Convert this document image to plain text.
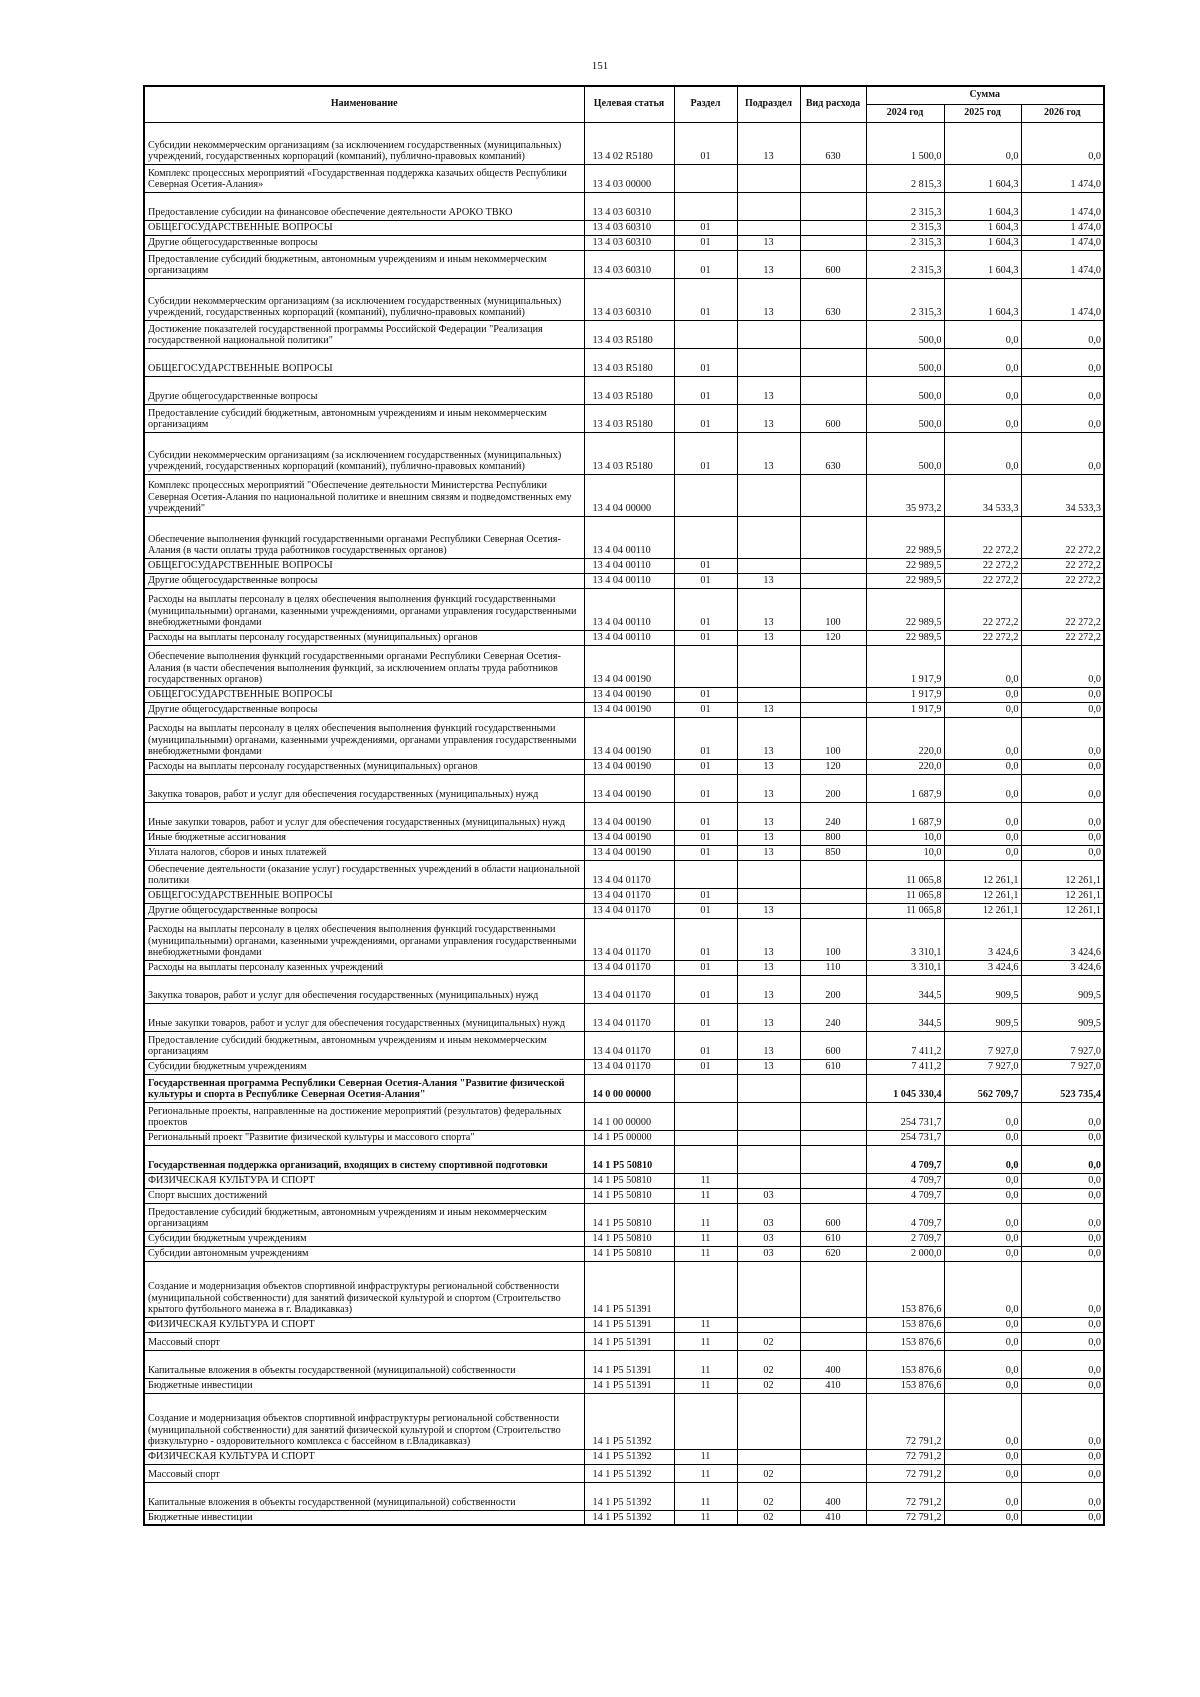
151
Наименование	Целевая статья	Раздел	Подраздел	Вид расхода	Сумма		
					2024 год	2025 год	2026 год
Субсидии некоммерческим организациям (за исключением государственных (муниципальных) учреждений, государственных корпораций (компаний), публично-правовых компаний)	13 4 02 R5180	01	13	630	1 500,0	0,0	0,0
Комплекс процессных мероприятий «Государственная поддержка казачьих обществ Республики Северная Осетия-Алания»	13 4 03 00000				2 815,3	1 604,3	1 474,0
Предоставление субсидии на финансовое обеспечение деятельности АРОКО ТВКО	13 4 03 60310				2 315,3	1 604,3	1 474,0
ОБЩЕГОСУДАРСТВЕННЫЕ ВОПРОСЫ	13 4 03 60310	01			2 315,3	1 604,3	1 474,0
Другие общегосударственные вопросы	13 4 03 60310	01	13		2 315,3	1 604,3	1 474,0
Предоставление субсидий бюджетным, автономным учреждениям и иным некоммерческим организациям	13 4 03 60310	01	13	600	2 315,3	1 604,3	1 474,0
Субсидии некоммерческим организациям (за исключением государственных (муниципальных) учреждений, государственных корпораций (компаний), публично-правовых компаний)	13 4 03 60310	01	13	630	2 315,3	1 604,3	1 474,0
Достижение показателей государственной программы Российской Федерации "Реализация государственной национальной политики"	13 4 03 R5180				500,0	0,0	0,0
ОБЩЕГОСУДАРСТВЕННЫЕ ВОПРОСЫ	13 4 03 R5180	01			500,0	0,0	0,0
Другие общегосударственные вопросы	13 4 03 R5180	01	13		500,0	0,0	0,0
Предоставление субсидий бюджетным, автономным учреждениям и иным некоммерческим организациям	13 4 03 R5180	01	13	600	500,0	0,0	0,0
Субсидии некоммерческим организациям (за исключением государственных (муниципальных) учреждений, государственных корпораций (компаний), публично-правовых компаний)	13 4 03 R5180	01	13	630	500,0	0,0	0,0
Комплекс процессных мероприятий "Обеспечение деятельности Министерства Республики Северная Осетия-Алания по национальной политике и внешним связям и подведомственных ему учреждений"	13 4 04 00000				35 973,2	34 533,3	34 533,3
Обеспечение выполнения функций государственными органами Республики Северная Осетия-Алания (в части оплаты труда работников государственных органов)	13 4 04 00110				22 989,5	22 272,2	22 272,2
ОБЩЕГОСУДАРСТВЕННЫЕ ВОПРОСЫ	13 4 04 00110	01			22 989,5	22 272,2	22 272,2
Другие общегосударственные вопросы	13 4 04 00110	01	13		22 989,5	22 272,2	22 272,2
Расходы на выплаты персоналу в целях обеспечения выполнения функций государственными (муниципальными) органами, казенными учреждениями, органами управления государственными внебюджетными фондами	13 4 04 00110	01	13	100	22 989,5	22 272,2	22 272,2
Расходы на выплаты персоналу государственных (муниципальных) органов	13 4 04 00110	01	13	120	22 989,5	22 272,2	22 272,2
Обеспечение выполнения функций государственными органами Республики Северная Осетия-Алания (в части обеспечения выполнения функций, за исключением оплаты труда работников государственных органов)	13 4 04 00190				1 917,9	0,0	0,0
ОБЩЕГОСУДАРСТВЕННЫЕ ВОПРОСЫ	13 4 04 00190	01			1 917,9	0,0	0,0
Другие общегосударственные вопросы	13 4 04 00190	01	13		1 917,9	0,0	0,0
Расходы на выплаты персоналу в целях обеспечения выполнения функций государственными (муниципальными) органами, казенными учреждениями, органами управления государственными внебюджетными фондами	13 4 04 00190	01	13	100	220,0	0,0	0,0
Расходы на выплаты персоналу государственных (муниципальных) органов	13 4 04 00190	01	13	120	220,0	0,0	0,0
Закупка товаров, работ и услуг для обеспечения государственных (муниципальных) нужд	13 4 04 00190	01	13	200	1 687,9	0,0	0,0
Иные закупки товаров, работ и услуг для обеспечения государственных (муниципальных) нужд	13 4 04 00190	01	13	240	1 687,9	0,0	0,0
Иные бюджетные ассигнования	13 4 04 00190	01	13	800	10,0	0,0	0,0
Уплата налогов, сборов и иных платежей	13 4 04 00190	01	13	850	10,0	0,0	0,0
Обеспечение деятельности (оказание услуг) государственных учреждений в области национальной политики	13 4 04 01170				11 065,8	12 261,1	12 261,1
ОБЩЕГОСУДАРСТВЕННЫЕ ВОПРОСЫ	13 4 04 01170	01			11 065,8	12 261,1	12 261,1
Другие общегосударственные вопросы	13 4 04 01170	01	13		11 065,8	12 261,1	12 261,1
Расходы на выплаты персоналу в целях обеспечения выполнения функций государственными (муниципальными) органами, казенными учреждениями, органами управления государственными внебюджетными фондами	13 4 04 01170	01	13	100	3 310,1	3 424,6	3 424,6
Расходы на выплаты персоналу казенных учреждений	13 4 04 01170	01	13	110	3 310,1	3 424,6	3 424,6
Закупка товаров, работ и услуг для обеспечения государственных (муниципальных) нужд	13 4 04 01170	01	13	200	344,5	909,5	909,5
Иные закупки товаров, работ и услуг для обеспечения государственных (муниципальных) нужд	13 4 04 01170	01	13	240	344,5	909,5	909,5
Предоставление субсидий бюджетным, автономным учреждениям и иным некоммерческим организациям	13 4 04 01170	01	13	600	7 411,2	7 927,0	7 927,0
Субсидии бюджетным учреждениям	13 4 04 01170	01	13	610	7 411,2	7 927,0	7 927,0
Государственная программа Республики Северная Осетия-Алания "Развитие физической культуры и спорта в Республике Северная Осетия-Алания"	14 0 00 00000				1 045 330,4	562 709,7	523 735,4
Региональные проекты, направленные на достижение мероприятий (результатов) федеральных проектов	14 1 00 00000				254 731,7	0,0	0,0
Региональный проект "Развитие физической культуры и массового спорта"	14 1 P5 00000				254 731,7	0,0	0,0
Государственная поддержка организаций, входящих в систему спортивной подготовки	14 1 P5 50810				4 709,7	0,0	0,0
ФИЗИЧЕСКАЯ КУЛЬТУРА И СПОРТ	14 1 P5 50810	11			4 709,7	0,0	0,0
Спорт высших достижений	14 1 P5 50810	11	03		4 709,7	0,0	0,0
Предоставление субсидий бюджетным, автономным учреждениям и иным некоммерческим организациям	14 1 P5 50810	11	03	600	4 709,7	0,0	0,0
Субсидии бюджетным учреждениям	14 1 P5 50810	11	03	610	2 709,7	0,0	0,0
Субсидии автономным учреждениям	14 1 P5 50810	11	03	620	2 000,0	0,0	0,0
Создание и модернизация объектов спортивной инфраструктуры региональной собственности (муниципальной собственности) для занятий физической культурой и спортом (Строительство крытого футбольного манежа в г. Владикавказ)	14 1 P5 51391				153 876,6	0,0	0,0
ФИЗИЧЕСКАЯ КУЛЬТУРА И СПОРТ	14 1 P5 51391	11			153 876,6	0,0	0,0
Массовый спорт	14 1 P5 51391	11	02		153 876,6	0,0	0,0
Капитальные вложения в объекты государственной (муниципальной) собственности	14 1 P5 51391	11	02	400	153 876,6	0,0	0,0
Бюджетные инвестиции	14 1 P5 51391	11	02	410	153 876,6	0,0	0,0
Создание и модернизация объектов спортивной инфраструктуры региональной собственности (муниципальной собственности) для занятий физической культурой и спортом (Строительство физкультурно - оздоровительного комплекса с бассейном в г.Владикавказ)	14 1 P5 51392				72 791,2	0,0	0,0
ФИЗИЧЕСКАЯ КУЛЬТУРА И СПОРТ	14 1 P5 51392	11			72 791,2	0,0	0,0
Массовый спорт	14 1 P5 51392	11	02		72 791,2	0,0	0,0
Капитальные вложения в объекты государственной (муниципальной) собственности	14 1 P5 51392	11	02	400	72 791,2	0,0	0,0
Бюджетные инвестиции	14 1 P5 51392	11	02	410	72 791,2	0,0	0,0
